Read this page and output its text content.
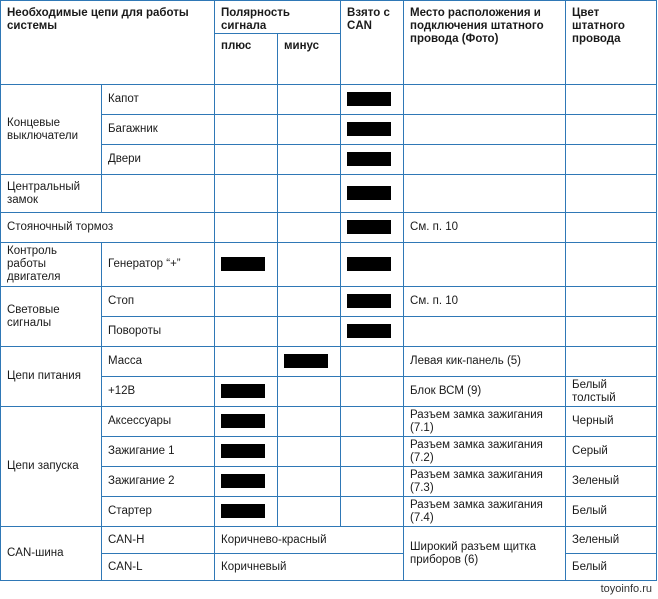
Необходимые цепи для работы системы		Полярность сигнала		Взято с CAN	Место расположения и подключения штатного провода (Фото)	Цвет штатного провода
		плюс	минус			
Концевые выключатели	Капот					
	Багажник					
	Двери					
Центральный замок						
Стояночный тормоз					См. п. 10	
Контроль работы двигателя	Генератор “+”					
Световые сигналы	Стоп				См. п. 10	
	Повороты					
Цепи питания	Масса				Левая кик-панель (5)	
	+12В				Блок ВСМ (9)	Белый толстый
Цепи запуска	Аксессуары				Разъем замка зажигания (7.1)	Черный
	Зажигание 1				Разъем замка зажигания (7.2)	Серый
	Зажигание 2				Разъем замка зажигания (7.3)	Зеленый
	Стартер				Разъем замка зажигания (7.4)	Белый
CAN-шина	CAN-H	Коричнево-красный			Широкий разъем щитка приборов (6)	Зеленый
	CAN-L	Коричневый				Белый
toyoinfo.ru
